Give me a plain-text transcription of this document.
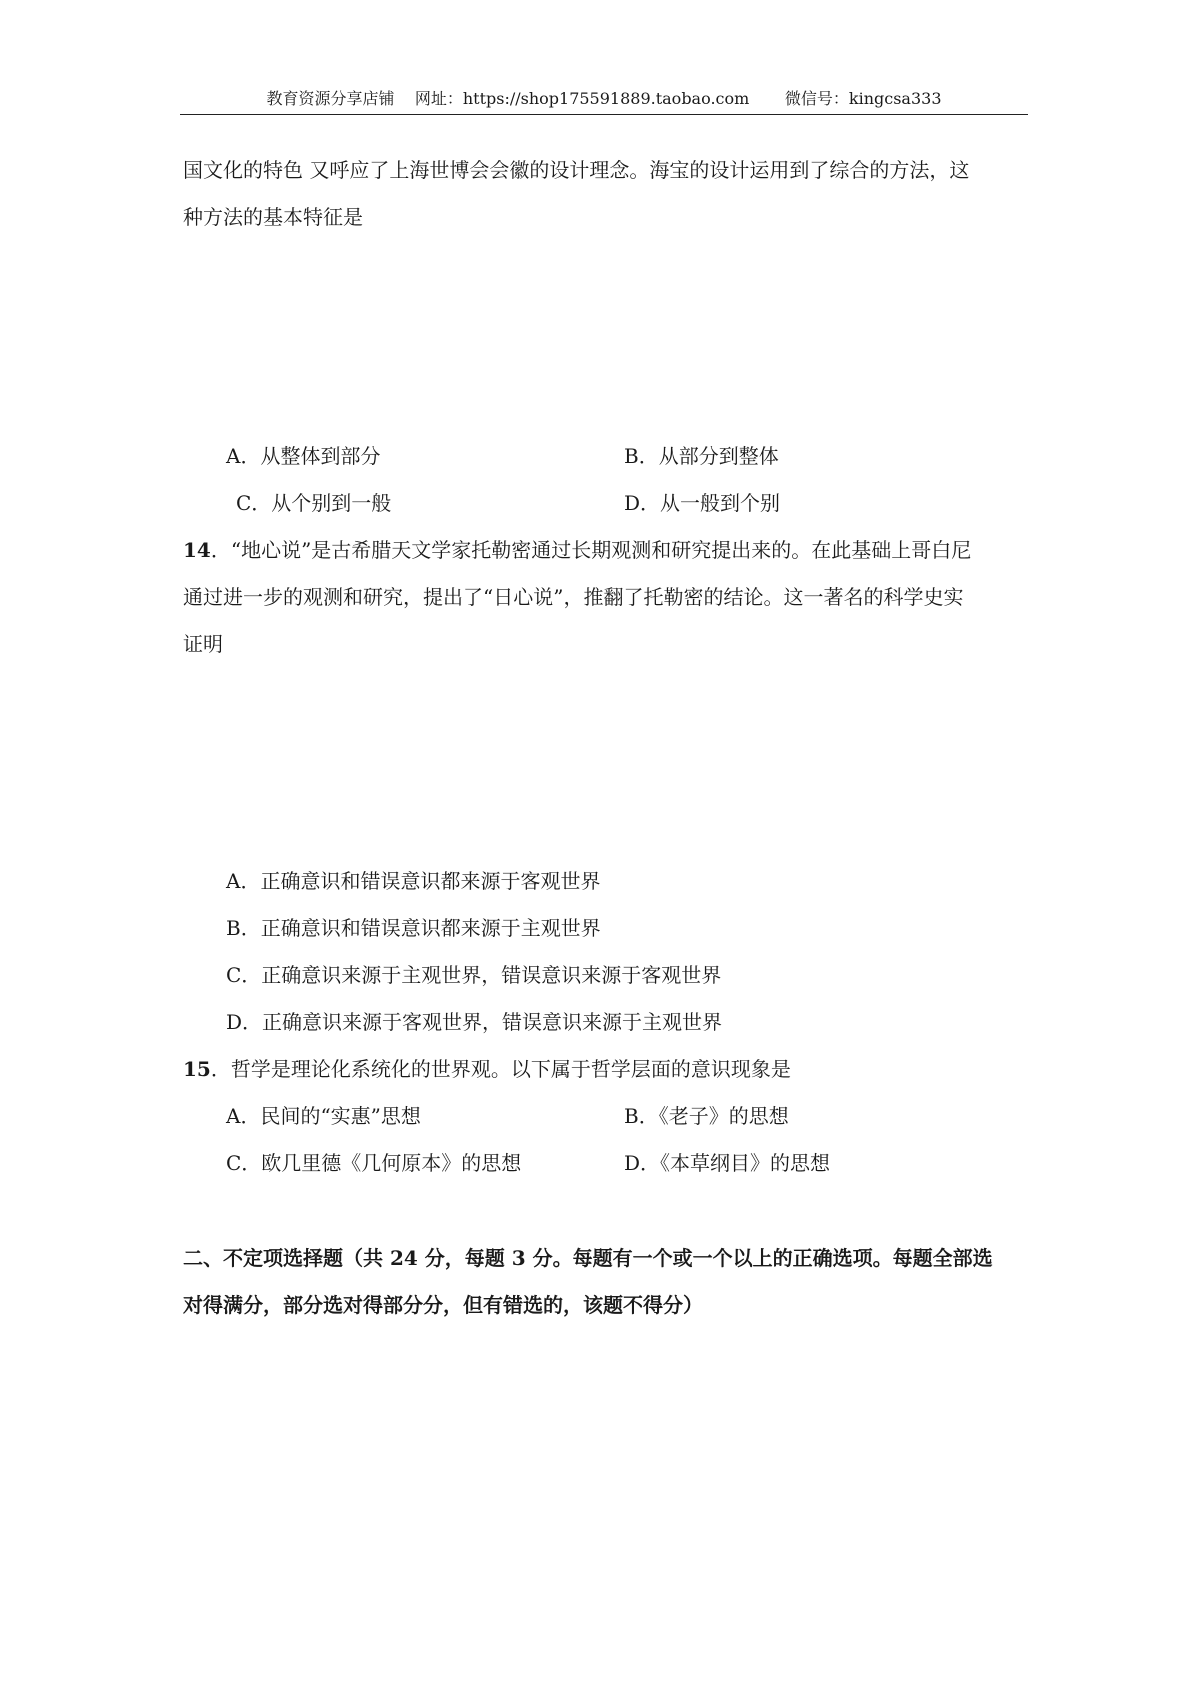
教育资源分享店铺    网址：https://shop175591889.taobao.com       微信号：kingcsa333
国文化的特色 又呼应了上海世博会会徽的设计理念。海宝的设计运用到了综合的方法，这
种方法的基本特征是
A．从整体到部分	B．从部分到整体
C．从个别到一般	D．从一般到个别
14．“地心说”是古希腊天文学家托勒密通过长期观测和研究提出来的。在此基础上哥白尼
通过进一步的观测和研究，提出了“日心说”，推翻了托勒密的结论。这一著名的科学史实
证明
A．正确意识和错误意识都来源于客观世界
B．正确意识和错误意识都来源于主观世界
C．正确意识来源于主观世界，错误意识来源于客观世界
D．正确意识来源于客观世界，错误意识来源于主观世界
15．哲学是理论化系统化的世界观。以下属于哲学层面的意识现象是
A．民间的“实惠”思想	B．《老子》的思想
C．欧几里德《几何原本》的思想	D．《本草纲目》的思想
二、不定项选择题（共 24 分，每题 3 分。每题有一个或一个以上的正确选项。每题全部选
对得满分，部分选对得部分分，但有错选的，该题不得分）
